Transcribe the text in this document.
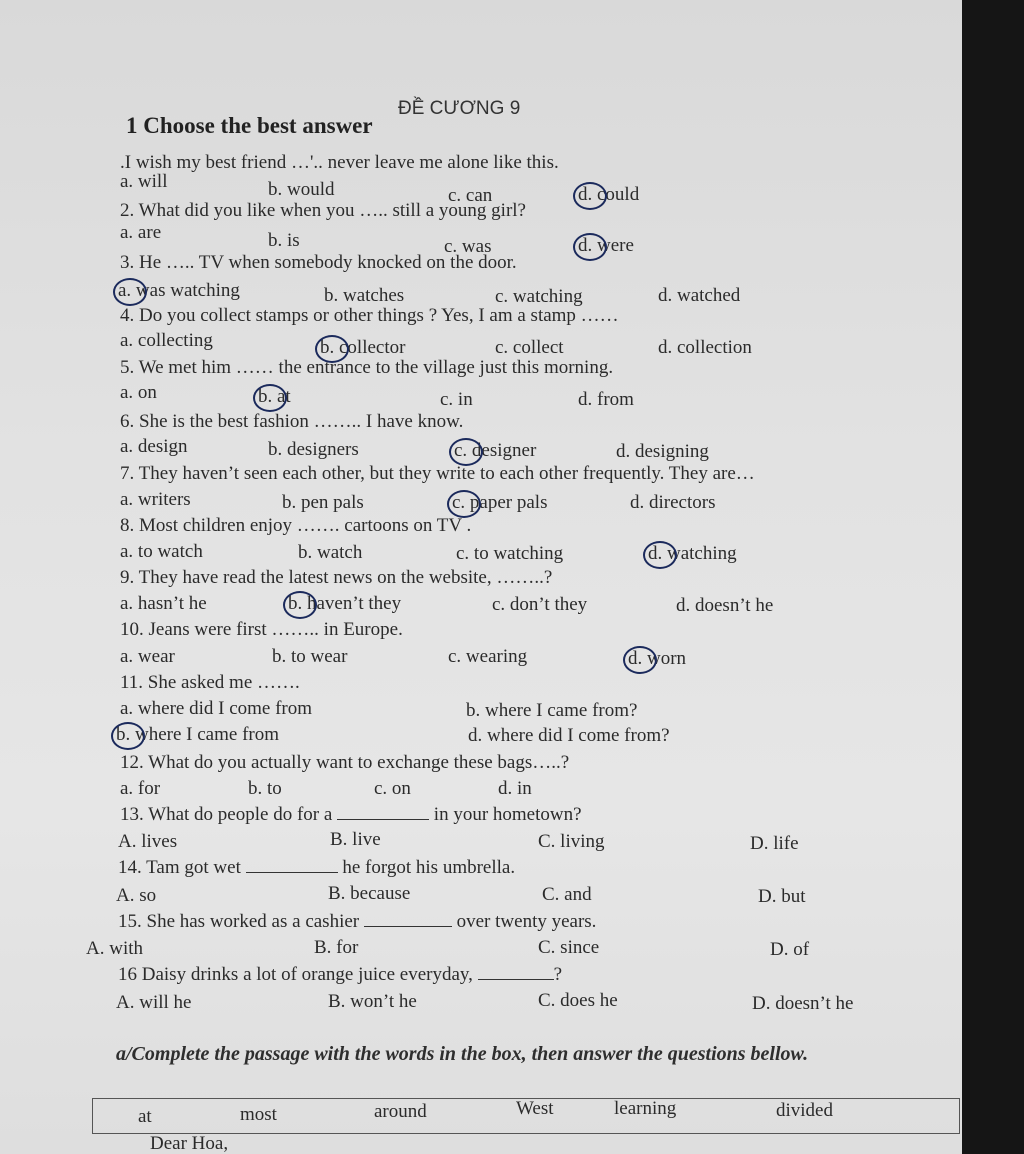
ĐỀ CƯƠNG 9
1 Choose the best answer
.I wish my best friend …'.. never leave me alone like this.
a. will	b. would	c. can	d. could
2. What did you like when you ….. still a young girl?
a. are	b. is	c. was	d. were
3. He ….. TV when somebody knocked on the door.
a. was watching	b. watches	c. watching	d. watched
4. Do you collect stamps or other things ? Yes, I am a stamp ……
a. collecting	b. collector	c. collect	d. collection
5. We met him …… the entrance to the village just this morning.
a. on	b. at	c. in	d. from
6. She is the best fashion …….. I have know.
a. design	b. designers	c. designer	d. designing
7. They haven’t seen each other, but they write to each other frequently. They are…
a. writers	b. pen pals	c. paper pals	d. directors
8. Most children enjoy ……. cartoons on TV .
a. to watch	b. watch	c. to watching	d. watching
9. They have read the latest news on the website, ……..?
a. hasn’t he	b. haven’t they	c. don’t they	d. doesn’t he
10. Jeans were first …….. in Europe.
a. wear	b. to wear	c. wearing	d. worn
11. She asked me …….
a. where did I come from	b. where I came from?
b. where I came from	d. where did I come from?
12. What do you actually want to exchange these bags…..?
a. for	b. to	c. on	d. in
13. What do people do for a	in your hometown?
A. lives	B. live	C. living	D. life
14. Tam got wet	he forgot his umbrella.
A. so	B. because	C. and	D. but
15. She has worked as a cashier	over twenty years.
A. with	B. for	C. since	D. of
16 Daisy drinks a lot of orange juice everyday,	?
A. will he	B. won’t he	C. does he	D. doesn’t he
a/Complete the passage with the words in the box, then answer the questions bellow.
at	most	around	West	learning	divided
Dear Hoa,
